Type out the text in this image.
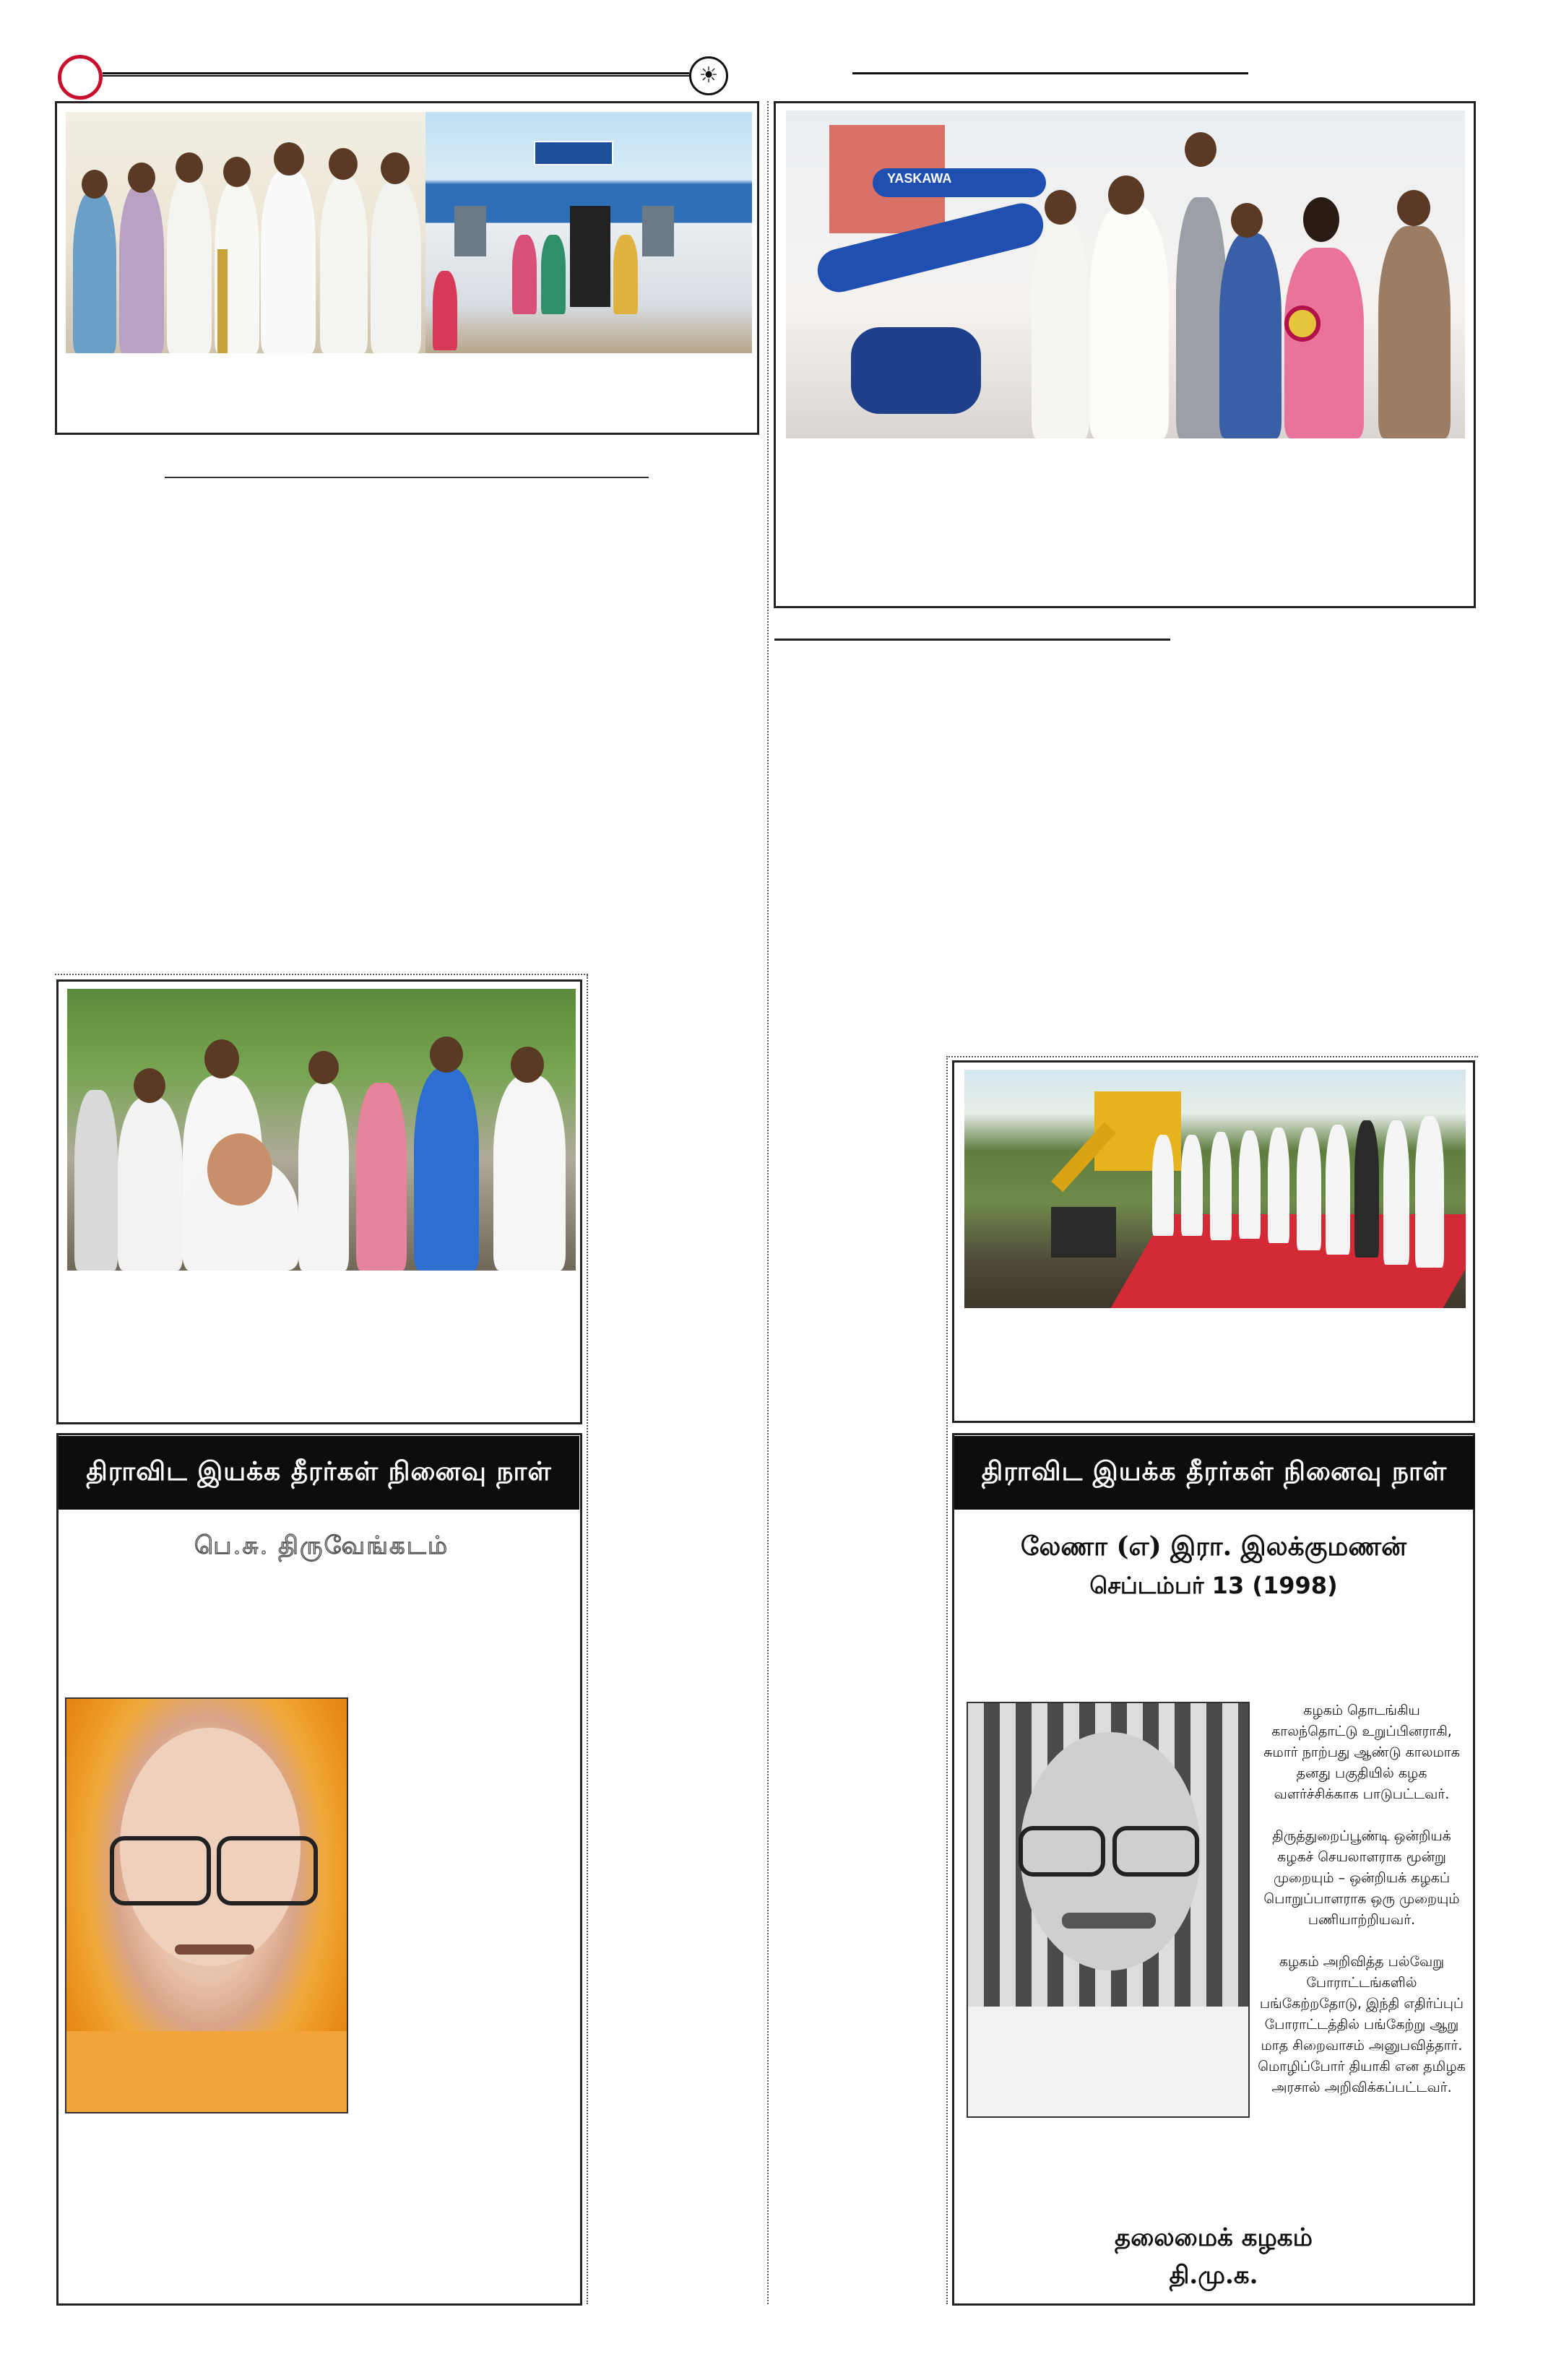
☀
YASKAWA
திராவிட இயக்க தீரர்கள் நினைவு நாள்
பெ.சு. திருவேங்கடம்
திராவிட இயக்க தீரர்கள் நினைவு நாள்
லேணா (எ) இரா. இலக்குமணன்
செப்டம்பர் 13 (1998)
கழகம் தொடங்கிய
காலந்தொட்டு உறுப்பினராகி,
சுமார் நாற்பது ஆண்டு காலமாக
தனது பகுதியில் கழக
வளர்ச்சிக்காக பாடுபட்டவர்.
திருத்துறைப்பூண்டி ஒன்றியக்
கழகச் செயலாளராக மூன்று
முறையும் – ஒன்றியக் கழகப்
பொறுப்பாளராக ஒரு முறையும்
பணியாற்றியவர்.
கழகம் அறிவித்த பல்வேறு
போராட்டங்களில்
பங்கேற்றதோடு, இந்தி எதிர்ப்புப்
போராட்டத்தில் பங்கேற்று ஆறு
மாத சிறைவாசம் அனுபவித்தார்.
மொழிப்போர் தியாகி என தமிழக
அரசால் அறிவிக்கப்பட்டவர்.
தலைமைக் கழகம்
தி.மு.க.
